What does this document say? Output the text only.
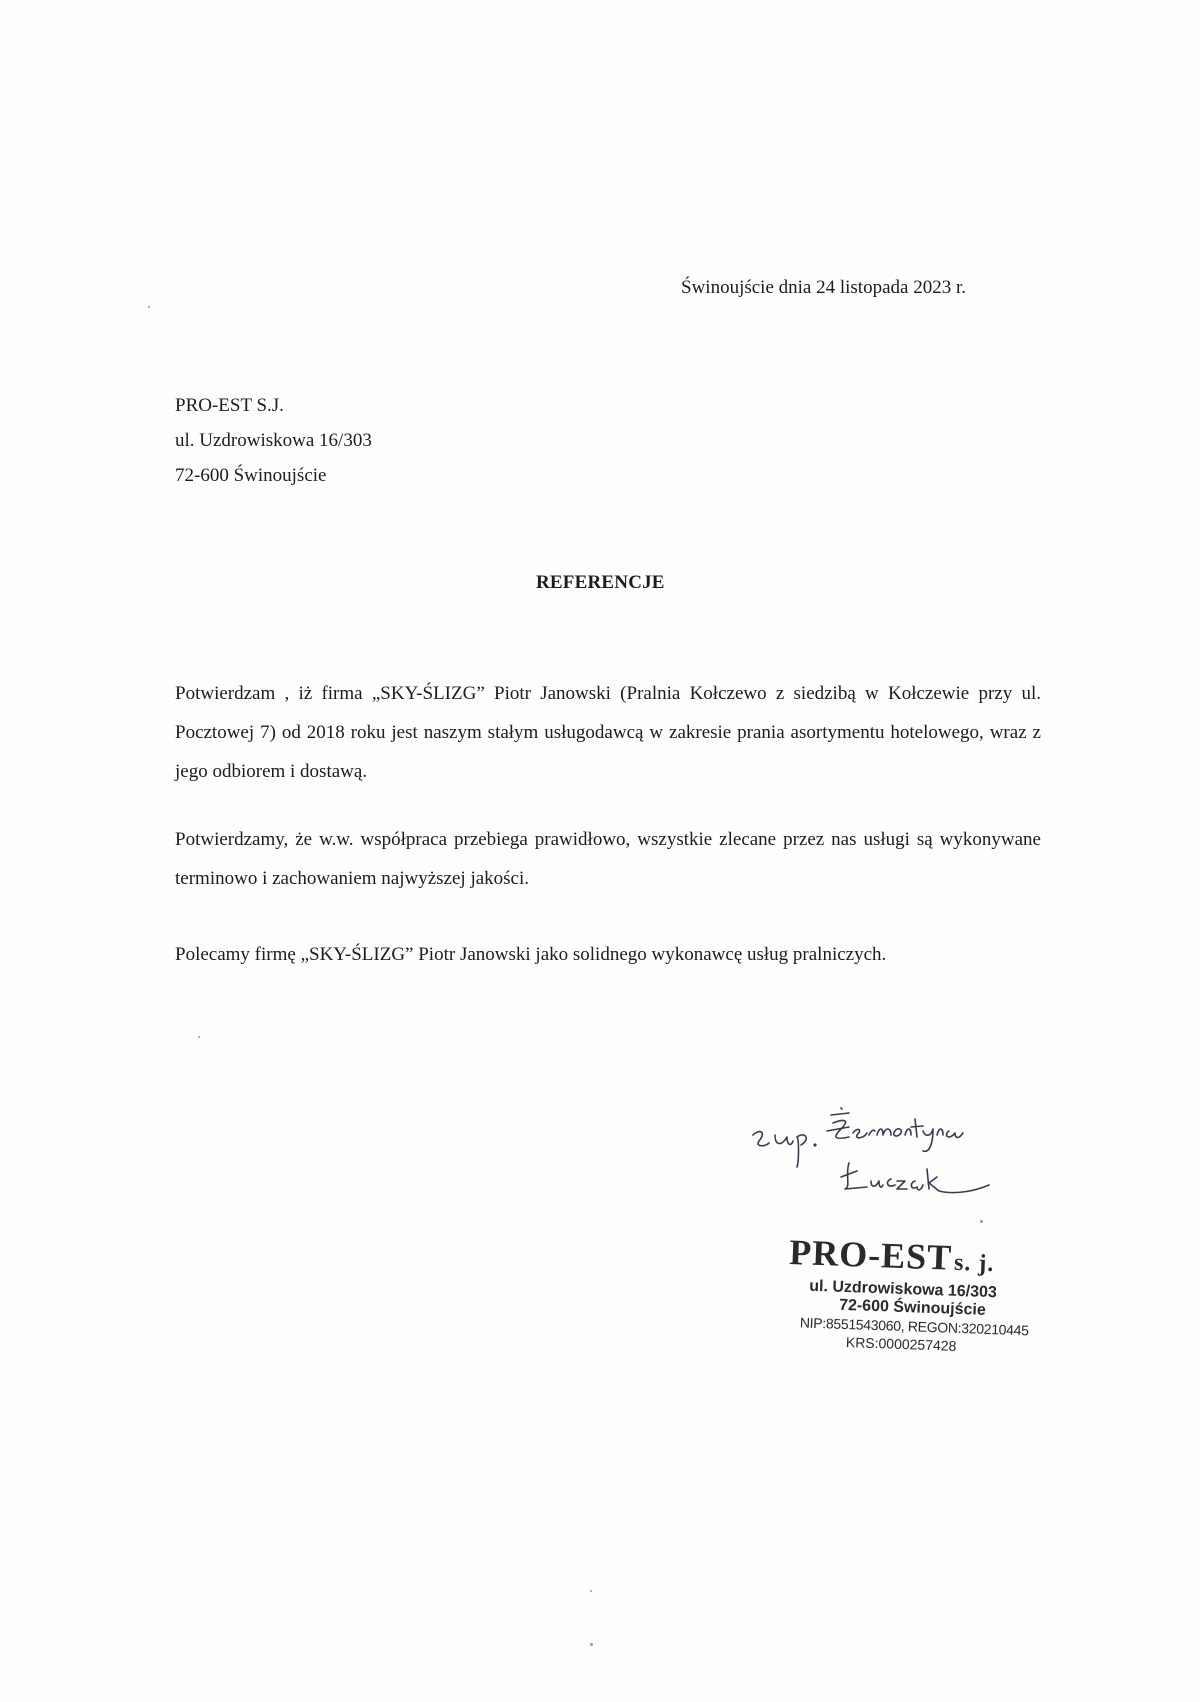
Świnoujście dnia 24 listopada 2023 r.
PRO-EST S.J.
ul. Uzdrowiskowa 16/303
72-600 Świnoujście
REFERENCJE

Potwierdzam , iż firma „SKY-ŚLIZG” Piotr Janowski (Pralnia Kołczewo z siedzibą w Kołczewie przy ul. Pocztowej 7) od 2018 roku jest naszym stałym usługodawcą w zakresie prania asortymentu hotelowego, wraz z jego odbiorem i dostawą.

Potwierdzamy, że w.w. współpraca przebiega prawidłowo, wszystkie zlecane przez nas usługi są wykonywane terminowo i zachowaniem najwyższej jakości.

Polecamy firmę „SKY-ŚLIZG” Piotr Janowski jako solidnego wykonawcę usług pralniczych.

PRO-ESTs. j.
ul. Uzdrowiskowa 16/303
72-600 Świnoujście
NIP:8551543060, REGON:320210445
KRS:0000257428
